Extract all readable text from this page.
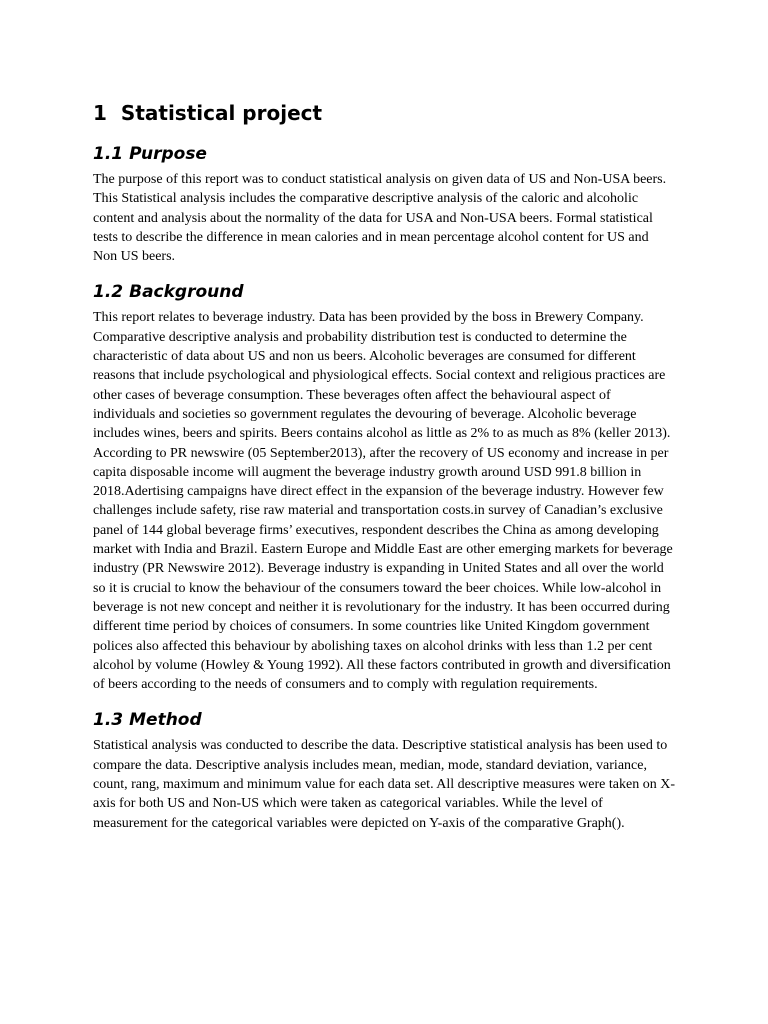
1 Statistical project
1.1 Purpose

The purpose of this report was to conduct statistical analysis on given data of US and Non-USA beers. This Statistical analysis includes the comparative descriptive analysis of the caloric and alcoholic content and analysis about the normality of the data for USA and Non-USA beers. Formal statistical tests to describe the difference in mean calories and in mean percentage alcohol content for US and Non US beers.

1.2 Background

This report relates to beverage industry. Data has been provided by the boss in Brewery Company. Comparative descriptive analysis and probability distribution test is conducted to determine the characteristic of data about US and non us beers. Alcoholic beverages are consumed for different reasons that include psychological and physiological effects. Social context and religious practices are other cases of beverage consumption. These beverages often affect the behavioural aspect of individuals and societies so government regulates the devouring of beverage. Alcoholic beverage includes wines, beers and spirits. Beers contains alcohol as little as 2% to as much as 8% (keller 2013). According to PR newswire (05 September2013), after the recovery of US economy and increase in per capita disposable income will augment the beverage industry growth around USD 991.8 billion in 2018.Adertising campaigns have direct effect in the expansion of the beverage industry. However few challenges include safety, rise raw material and transportation costs.in survey of Canadian’s exclusive panel of 144 global beverage firms’ executives, respondent describes the China as among developing market with India and Brazil. Eastern Europe and Middle East are other emerging markets for beverage industry (PR Newswire 2012). Beverage industry is expanding in United States and all over the world so it is crucial to know the behaviour of the consumers toward the beer choices. While low-alcohol in beverage is not new concept and neither it is revolutionary for the industry. It has been occurred during different time period by choices of consumers. In some countries like United Kingdom government polices also affected this behaviour by abolishing taxes on alcohol drinks with less than 1.2 per cent alcohol by volume (Howley & Young 1992). All these factors contributed in growth and diversification of beers according to the needs of consumers and to comply with regulation requirements.

1.3 Method

Statistical analysis was conducted to describe the data. Descriptive statistical analysis has been used to compare the data. Descriptive analysis includes mean, median, mode, standard deviation, variance, count, rang, maximum and minimum value for each data set. All descriptive measures were taken on X-axis for both US and Non-US which were taken as categorical variables. While the level of measurement for the categorical variables were depicted on Y-axis of the comparative Graph().
